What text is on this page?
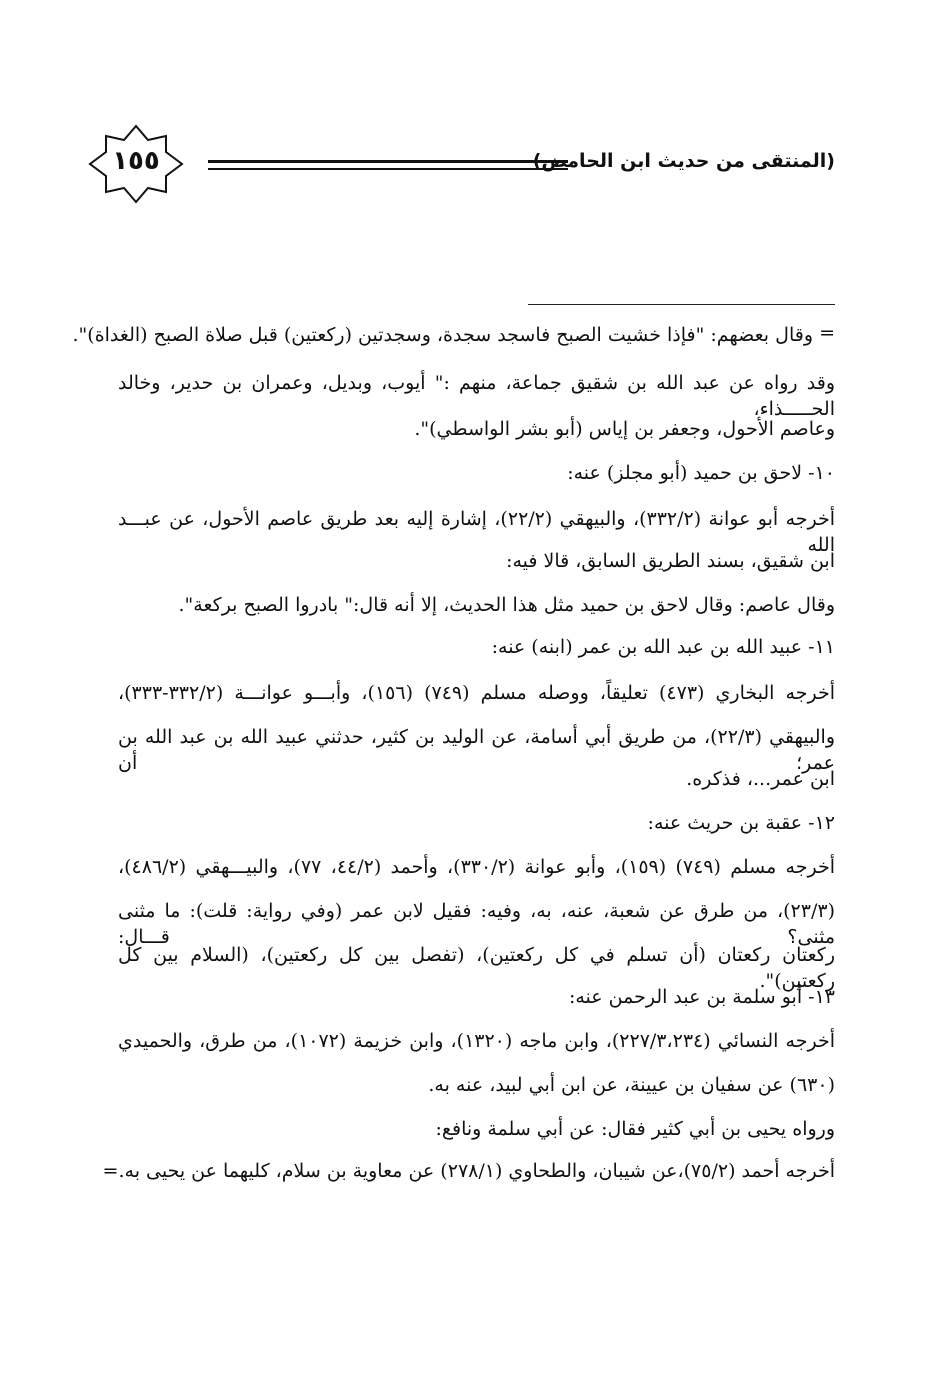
(المنتقى من حديث ابن الحامض)
١٥٥
=
وقال بعضهم: "فإذا خشيت الصبح فاسجد سجدة، وسجدتين (ركعتين) قبل صلاة الصبح (الغداة)".
وقد رواه عن عبد الله بن شقيق جماعة، منهم :" أيوب، وبديل، وعمران بن حدير، وخالد الحـــــذاء،
وعاصم الأحول، وجعفر بن إياس (أبو بشر الواسطي)".
١٠- لاحق بن حميد (أبو مجلز) عنه:
أخرجه أبو عوانة (٣٣٢/٢)، والبيهقي (٢٢/٢)، إشارة إليه بعد طريق عاصم الأحول، عن عبـــد الله
ابن شقيق، بسند الطريق السابق، قالا فيه:
وقال عاصم: وقال لاحق بن حميد مثل هذا الحديث، إلا أنه قال:" بادروا الصبح بركعة".
١١- عبيد الله بن عبد الله بن عمر (ابنه) عنه:
أخرجه البخاري (٤٧٣) تعليقاً، ووصله مسلم (٧٤٩) (١٥٦)، وأبـــو عوانـــة (٣٣٢/٢-٣٣٣)،
والبيهقي (٢٢/٣)، من طريق أبي أسامة، عن الوليد بن كثير، حدثني عبيد الله بن عبد الله بن عمر؛ أن
ابن عمر...، فذكره.
١٢- عقبة بن حريث عنه:
أخرجه مسلم (٧٤٩) (١٥٩)، وأبو عوانة (٣٣٠/٢)، وأحمد (٤٤/٢، ٧٧)، والبيـــهقي (٤٨٦/٢)،
(٢٣/٣)، من طرق عن شعبة، عنه، به، وفيه: فقيل لابن عمر (وفي رواية: قلت): ما مثنى مثنى؟ قـــال:
ركعتان ركعتان (أن تسلم في كل ركعتين)، (تفصل بين كل ركعتين)، (السلام بين كل ركعتين)".
١٣- أبو سلمة بن عبد الرحمن عنه:
أخرجه النسائي (٢٢٧/٣،٢٣٤)، وابن ماجه (١٣٢٠)، وابن خزيمة (١٠٧٢)، من طرق، والحميدي
(٦٣٠) عن سفيان بن عيينة، عن ابن أبي لبيد، عنه به.
ورواه يحيى بن أبي كثير فقال: عن أبي سلمة ونافع:
أخرجه أحمد (٧٥/٢)،عن شيبان، والطحاوي (٢٧٨/١) عن معاوية بن سلام، كليهما عن يحيى به.=
